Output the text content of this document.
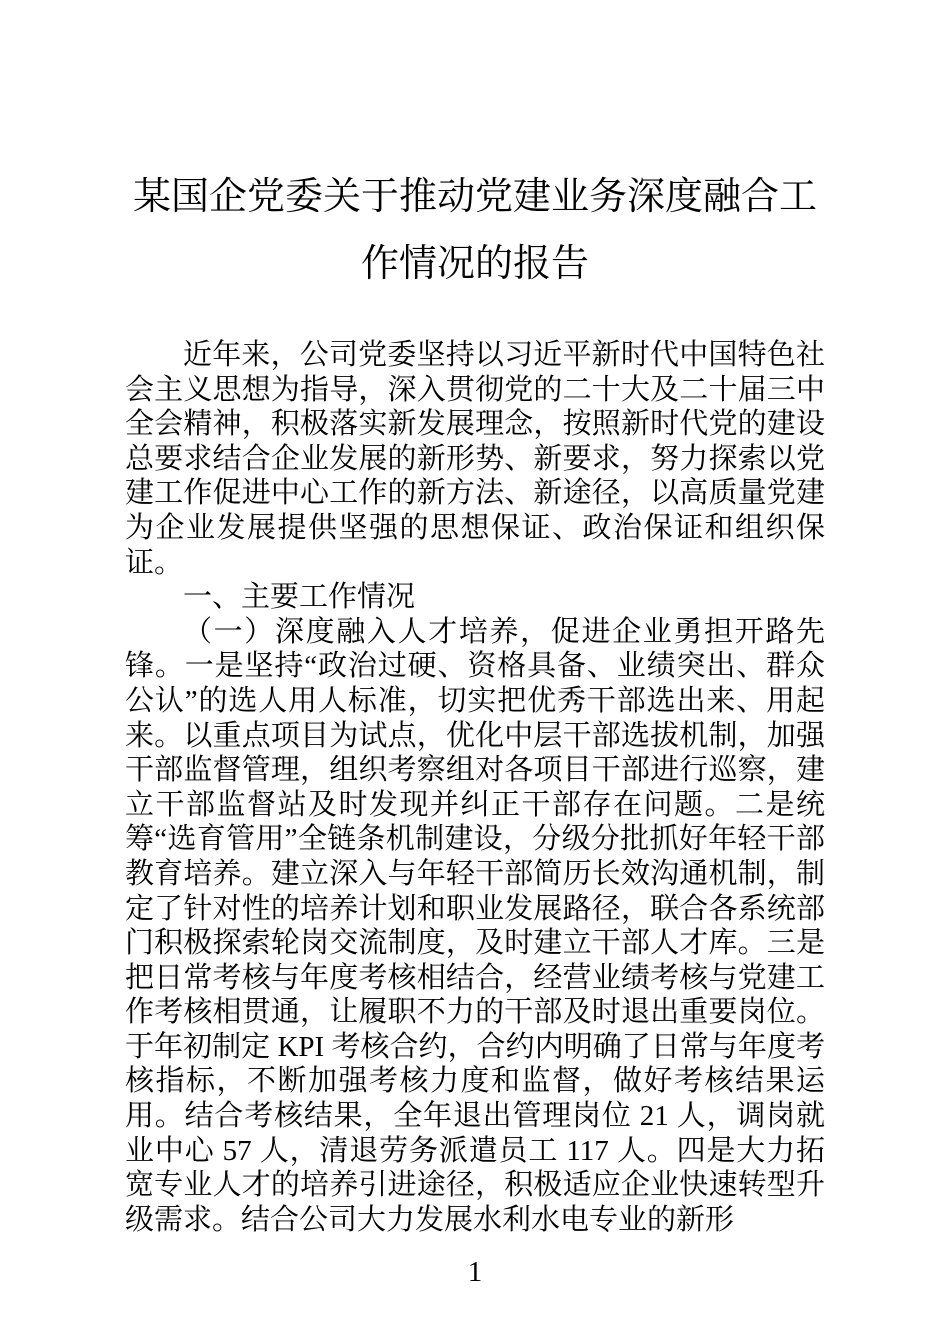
某国企党委关于推动党建业务深度融合工作情况的报告

近年来，公司党委坚持以习近平新时代中国特色社会主义思想为指导，深入贯彻党的二十大及二十届三中全会精神，积极落实新发展理念，按照新时代党的建设总要求结合企业发展的新形势、新要求，努力探索以党建工作促进中心工作的新方法、新途径，以高质量党建为企业发展提供坚强的思想保证、政治保证和组织保证。

一、主要工作情况

（一）深度融入人才培养，促进企业勇担开路先锋。一是坚持“政治过硬、资格具备、业绩突出、群众公认”的选人用人标准，切实把优秀干部选出来、用起来。以重点项目为试点，优化中层干部选拔机制，加强干部监督管理，组织考察组对各项目干部进行巡察，建立干部监督站及时发现并纠正干部存在问题。二是统筹“选育管用”全链条机制建设，分级分批抓好年轻干部教育培养。建立深入与年轻干部简历长效沟通机制，制定了针对性的培养计划和职业发展路径，联合各系统部门积极探索轮岗交流制度，及时建立干部人才库。三是把日常考核与年度考核相结合，经营业绩考核与党建工作考核相贯通，让履职不力的干部及时退出重要岗位。于年初制定 KPI 考核合约，合约内明确了日常与年度考核指标，不断加强考核力度和监督，做好考核结果运用。结合考核结果，全年退出管理岗位 21 人，调岗就业中心 57 人，清退劳务派遣员工 117 人。四是大力拓宽专业人才的培养引进途径，积极适应企业快速转型升级需求。结合公司大力发展水利水电专业的新形

1
